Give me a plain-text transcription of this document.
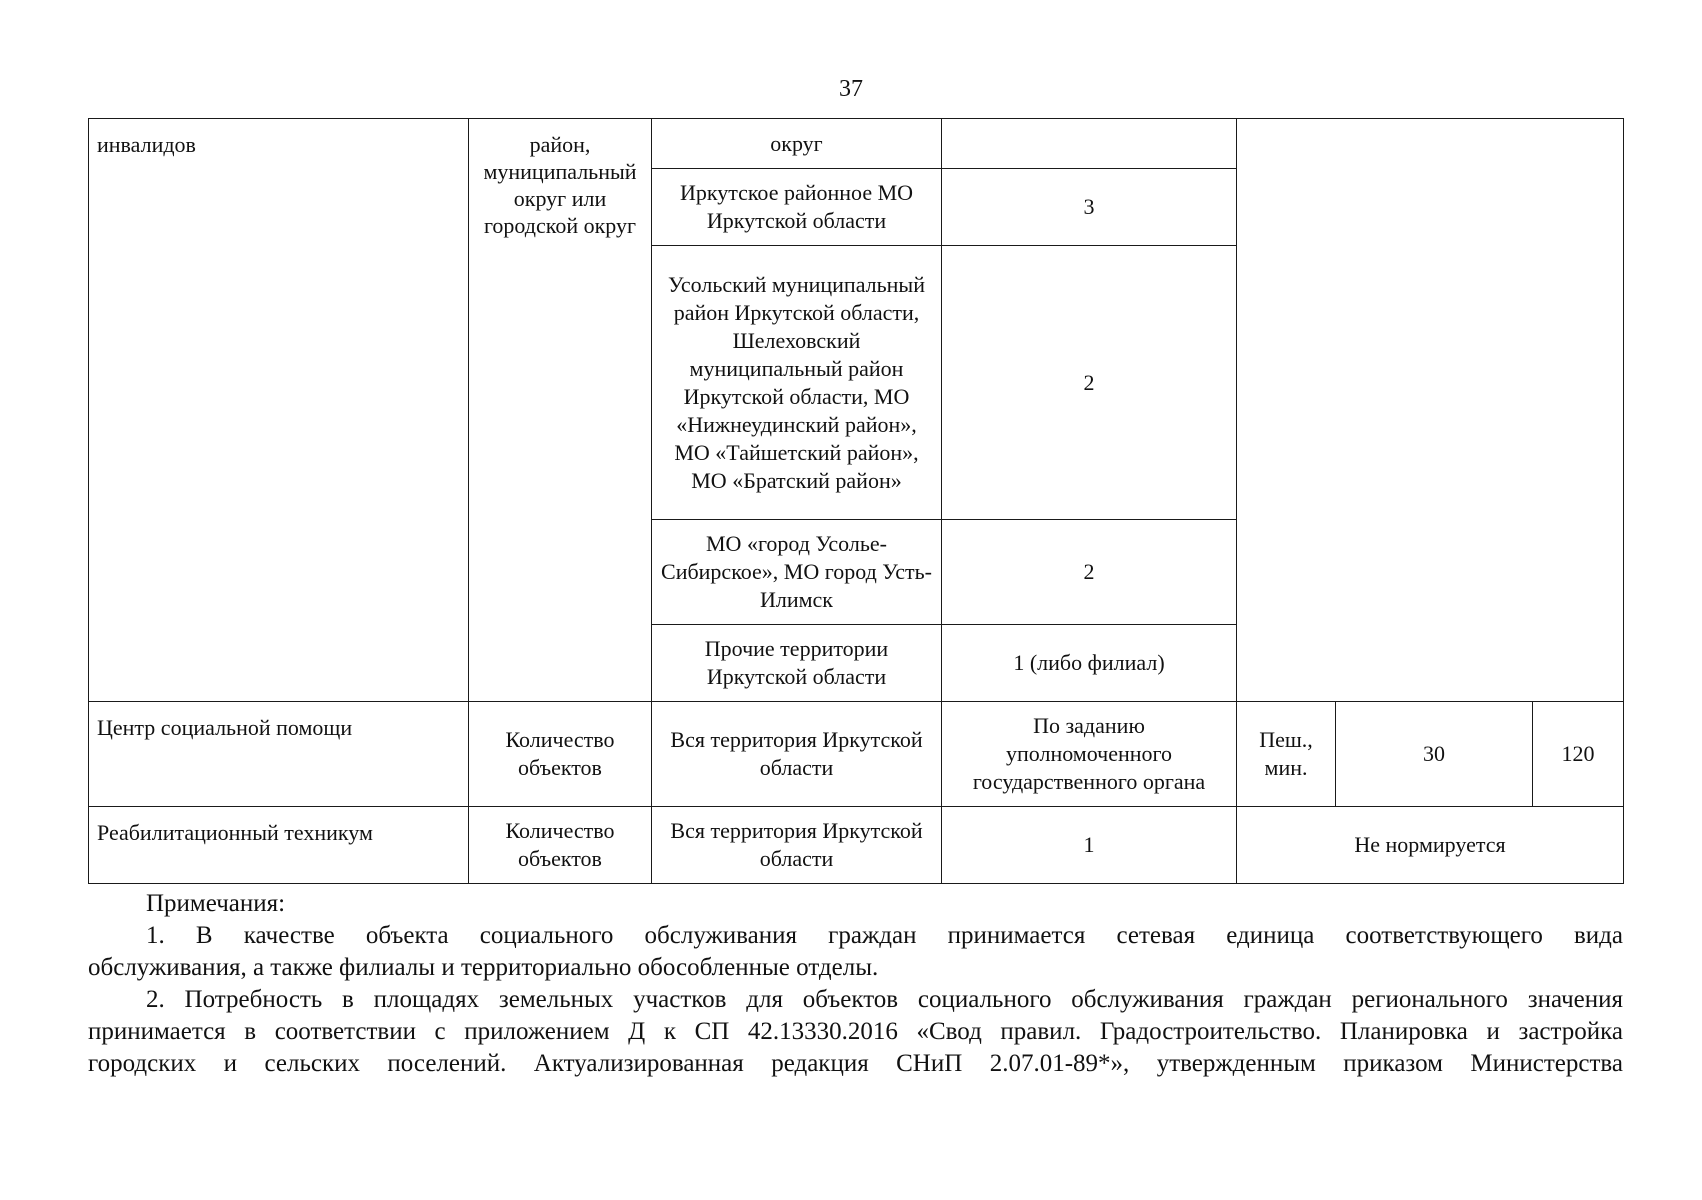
37
инвалидов	район, муниципальный округ или городской округ	округ				
		Иркутское районное МО Иркутской области	3			
		Усольский муниципальный район Иркутской области, Шелеховский муниципальный район Иркутской области, МО «Нижнеудинский район», МО «Тайшетский район», МО «Братский район»	2			
		МО «город Усолье-Сибирское», МО город Усть-Илимск	2			
		Прочие территории Иркутской области	1 (либо филиал)			
Центр социальной помощи	Количество объектов	Вся территория Иркутской области	По заданию уполномоченного государственного органа	Пеш., мин.	30	120
Реабилитационный техникум	Количество объектов	Вся территория Иркутской области	1	Не нормируется		

Примечания:

1. В качестве объекта социального обслуживания граждан принимается сетевая единица соответствующего вида

обслуживания, а также филиалы и территориально обособленные отделы.

2. Потребность в площадях земельных участков для объектов социального обслуживания граждан регионального значения

принимается в соответствии с приложением Д к СП 42.13330.2016 «Свод правил. Градостроительство. Планировка и застройка

городских и сельских поселений. Актуализированная редакция СНиП 2.07.01-89*», утвержденным приказом Министерства
